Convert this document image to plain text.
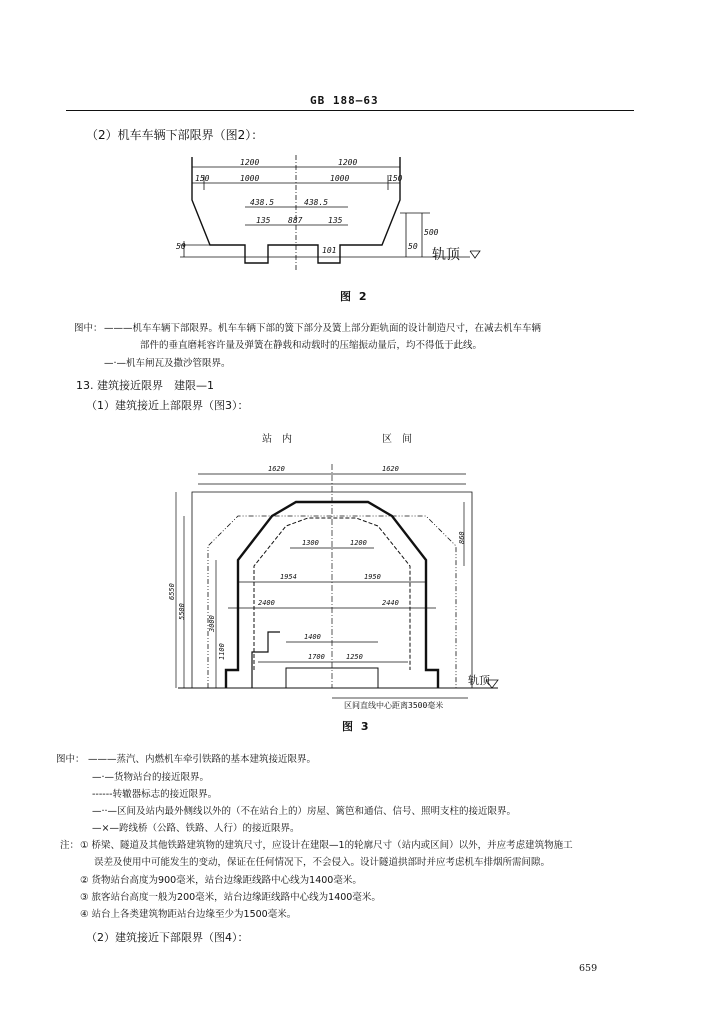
GB 188—63
（2）机车车辆下部限界（图2）：
1200	1200
150	1000	1000	150
438.5	438.5
135 887	135
101
50	50
500
轨顶
图 2
图中： ———机车车辆下部限界。机车车辆下部的簧下部分及簧上部分距轨面的设计制造尺寸，在减去机车车辆
部件的垂直磨耗容许量及弹簧在静载和动载时的压缩振动量后，均不得低于此线。
—·—机车闸瓦及撒沙管限界。
13. 建筑接近限界　建限—1
（1）建筑接近上部限界（图3）：
站　内	区　间
1620	1620
1300	1200
1954	1950
2400	2440
1400
1700	1250
6550
5500
3000
1100
860
轨顶
区间直线中心距离3500毫米
图 3
图中： ———蒸汽、内燃机车牵引铁路的基本建筑接近限界。
—·—货物站台的接近限界。
------转辙器标志的接近限界。
—··—区间及站内最外侧线以外的（不在站台上的）房屋、篱笆和通信、信号、照明支柱的接近限界。
—×—跨线桥（公路、铁路、人行）的接近限界。
注： ① 桥梁、隧道及其他铁路建筑物的建筑尺寸，应设计在建限—1的轮廓尺寸（站内或区间）以外，并应考虑建筑物施工
误差及使用中可能发生的变动，保证在任何情况下，不会侵入。设计隧道拱部时并应考虑机车排烟所需间隙。
② 货物站台高度为900毫米，站台边缘距线路中心线为1400毫米。
③ 旅客站台高度一般为200毫米，站台边缘距线路中心线为1400毫米。
④ 站台上各类建筑物距站台边缘至少为1500毫米。
（2）建筑接近下部限界（图4）：
659
